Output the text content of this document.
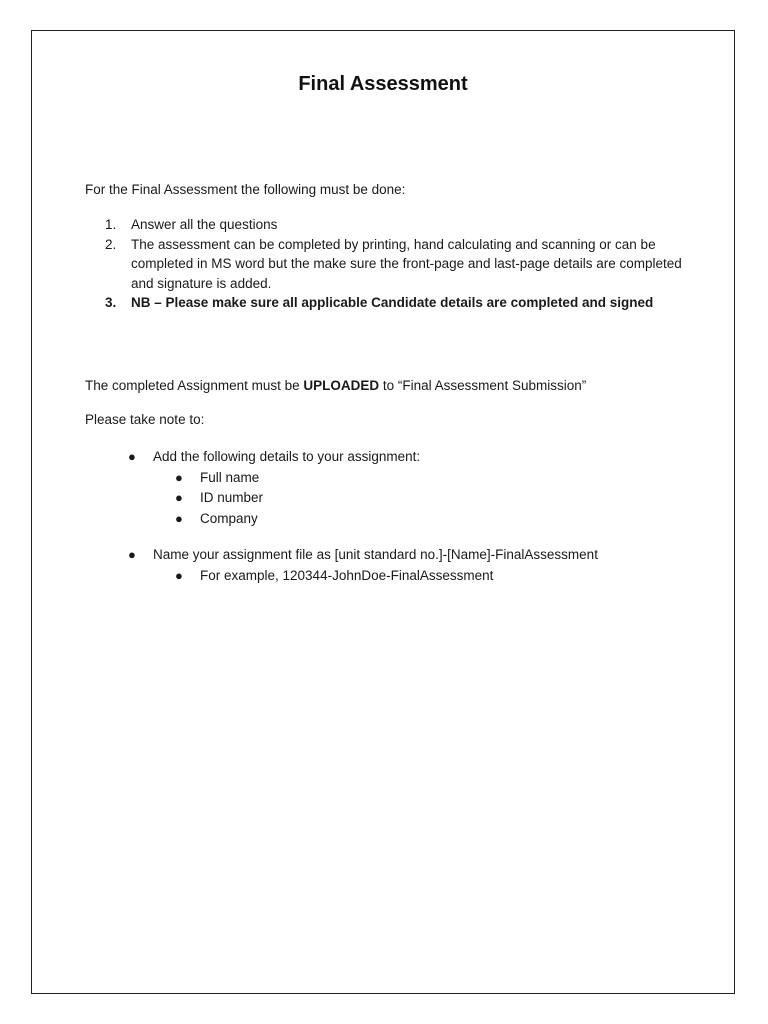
Final Assessment
For the Final Assessment the following must be done:
1. Answer all the questions
2. The assessment can be completed by printing, hand calculating and scanning or can be completed in MS word but the make sure the front-page and last-page details are completed and signature is added.
3. NB – Please make sure all applicable Candidate details are completed and signed
The completed Assignment must be UPLOADED to “Final Assessment Submission”
Please take note to:
● Add the following details to your assignment:
● Full name
● ID number
● Company
● Name your assignment file as [unit standard no.]-[Name]-FinalAssessment
● For example, 120344-JohnDoe-FinalAssessment
